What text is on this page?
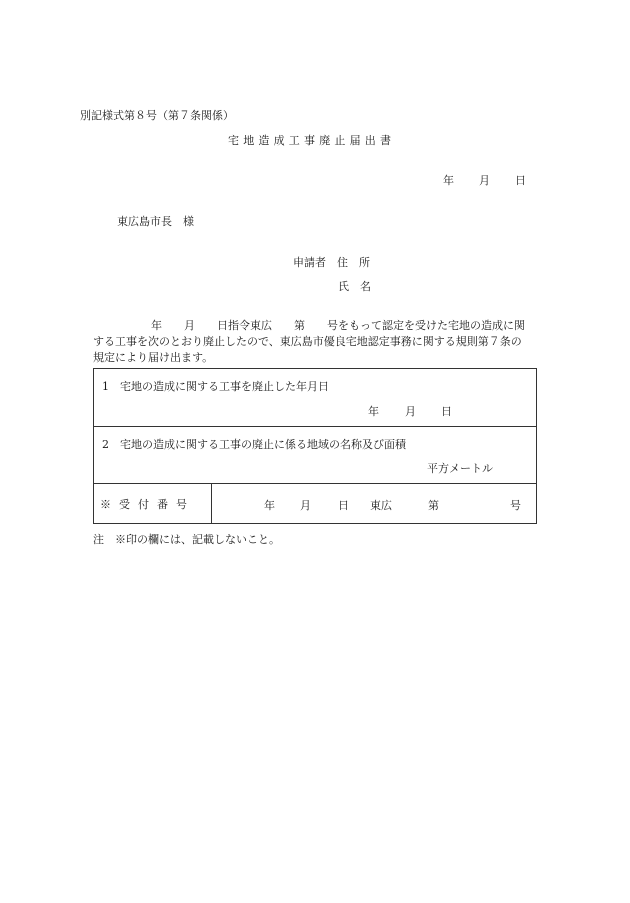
別記様式第８号（第７条関係）
宅地造成工事廃止届出書
年 月 日
東広島市長　様
申請者　住　所
氏　名
年　　月　　日指令東広　　第　　号をもって認定を受けた宅地の造成に関
する工事を次のとおり廃止したので、東広島市優良宅地認定事務に関する規則第７条の
規定により届け出ます。
1　宅地の造成に関する工事を廃止した年月日
年 月 日

2　宅地の造成に関する工事の廃止に係る地域の名称及び面積
平方メートル

※受付番号	年 月 日 東広	第	号
注　※印の欄には、記載しないこと。
